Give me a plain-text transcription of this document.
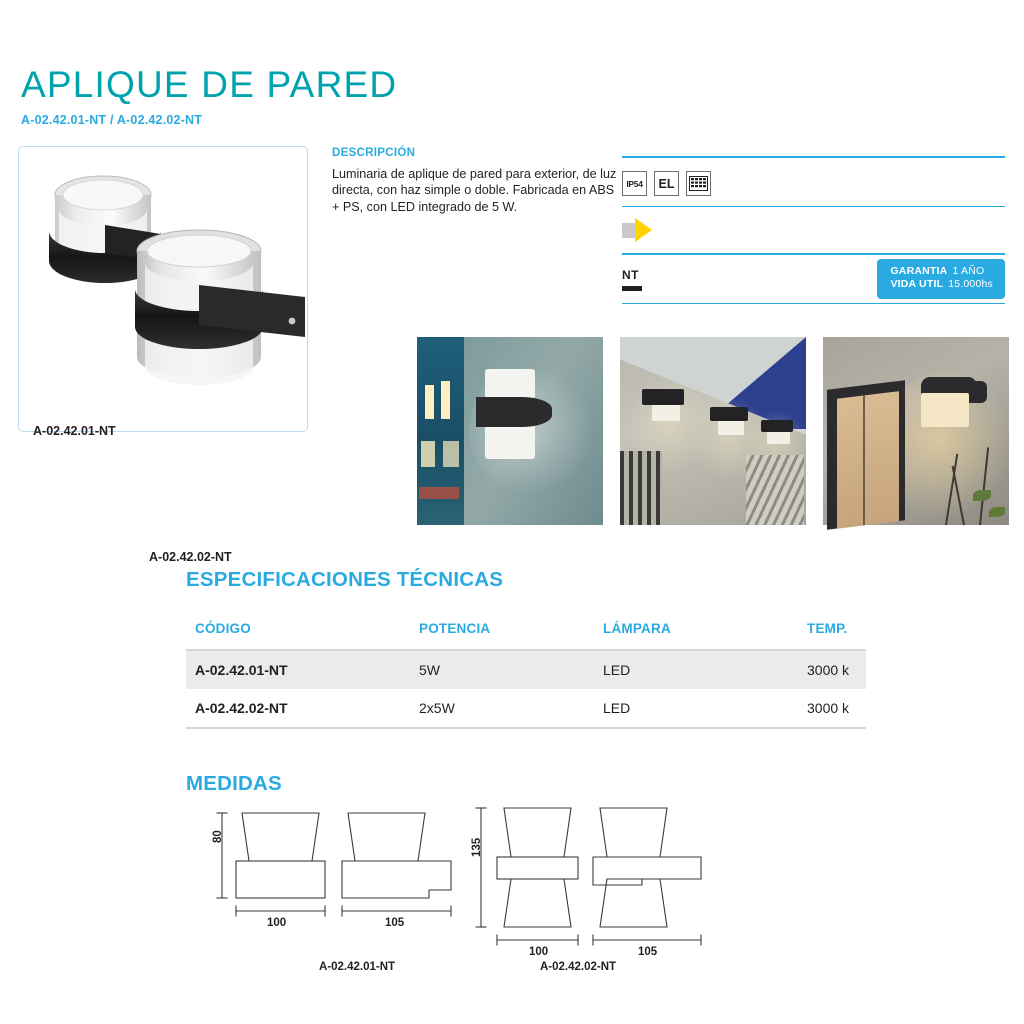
APLIQUE DE PARED
A-02.42.01-NT / A-02.42.02-NT
A-02.42.01-NT
A-02.42.02-NT
DESCRIPCIÓN
Luminaria de aplique de pared para exterior, de luz directa, con haz simple o doble. Fabricada en ABS + PS, con LED integrado de 5 W.
IP54	EL
NT	GARANTIA 1 AÑO
VIDA UTIL 15.000hs
ESPECIFICACIONES TÉCNICAS
CÓDIGO	POTENCIA	LÁMPARA	TEMP.
A-02.42.01-NT	5W	LED	3000 k
A-02.42.02-NT	2x5W	LED	3000 k
MEDIDAS
80
100	105
135
100	105
A-02.42.01-NT	A-02.42.02-NT
